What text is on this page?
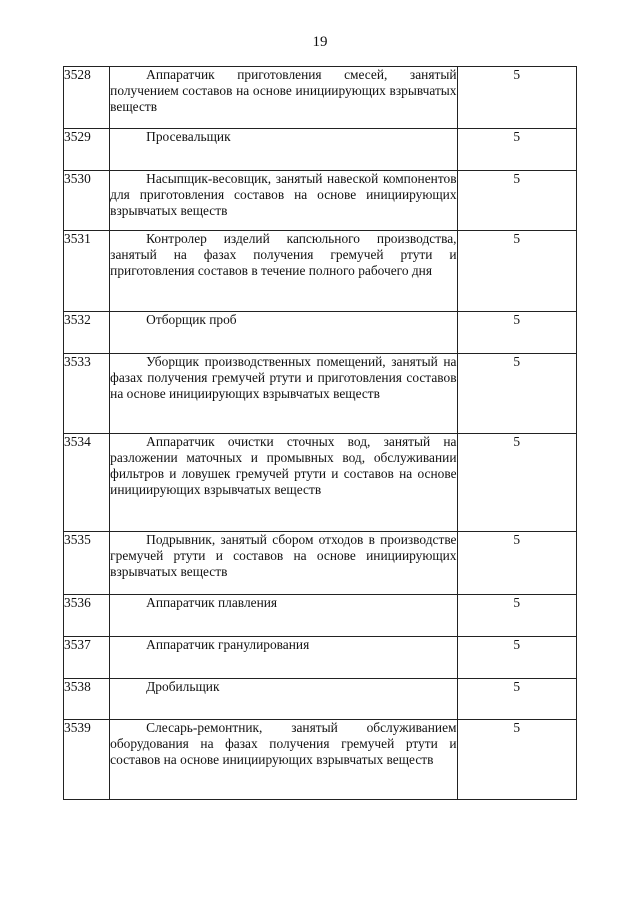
19
3528	Аппаратчик приготовления смесей, занятый получением составов на основе инициирующих взрывчатых веществ	5
3529	Просевальщик	5
3530	Насыпщик-весовщик, занятый навеской компонентов для приготовления составов на основе инициирующих взрывчатых веществ	5
3531	Контролер изделий капсюльного производства, занятый на фазах получения гремучей ртути и приготовления составов в течение полного рабочего дня	5
3532	Отборщик проб	5
3533	Уборщик производственных помещений, занятый на фазах получения гремучей ртути и приготовления составов на основе инициирующих взрывчатых веществ	5
3534	Аппаратчик очистки сточных вод, занятый на разложении маточных и промывных вод, обслуживании фильтров и ловушек гремучей ртути и составов на основе инициирующих взрывчатых веществ	5
3535	Подрывник, занятый сбором отходов в производстве гремучей ртути и составов на основе инициирующих взрывчатых веществ	5
3536	Аппаратчик плавления	5
3537	Аппаратчик гранулирования	5
3538	Дробильщик	5
3539	Слесарь-ремонтник, занятый обслуживанием оборудования на фазах получения гремучей ртути и составов на основе инициирующих взрывчатых веществ	5
